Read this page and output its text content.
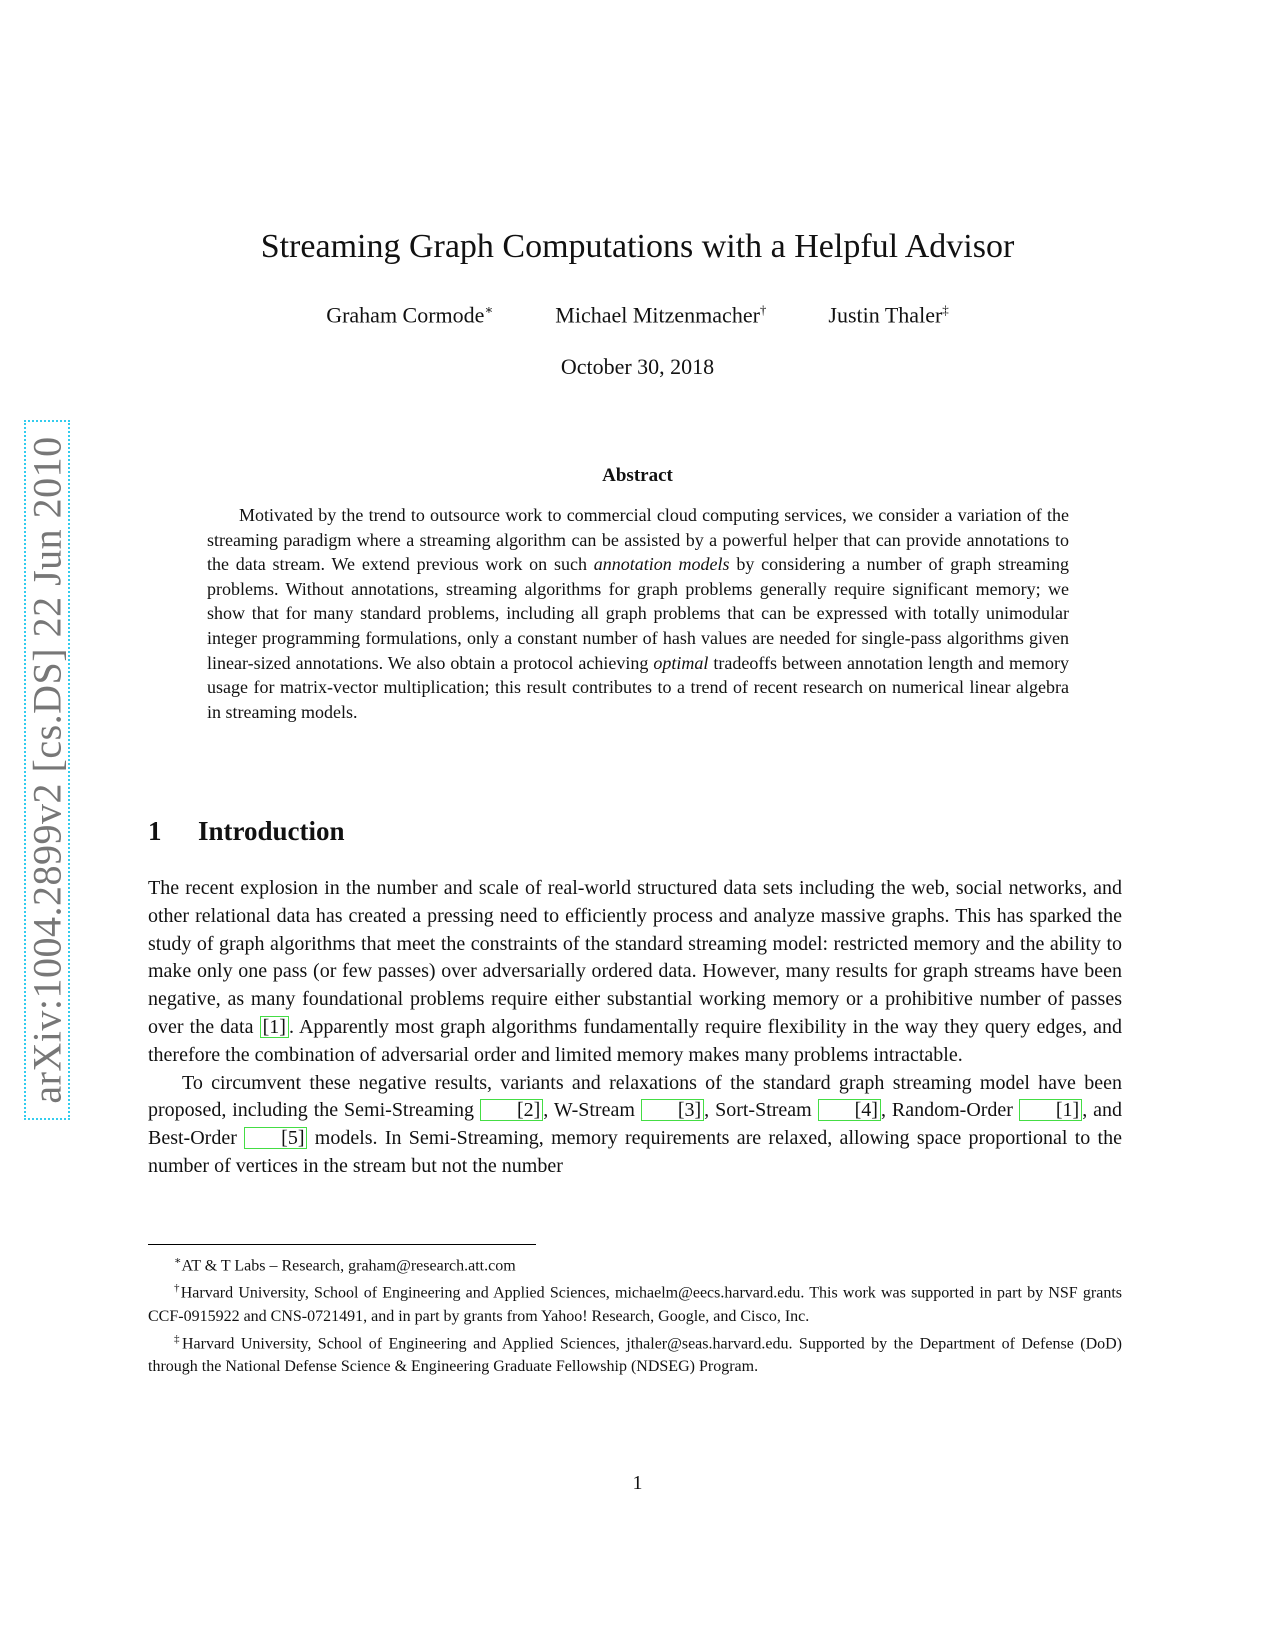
arXiv:1004.2899v2 [cs.DS] 22 Jun 2010
Streaming Graph Computations with a Helpful Advisor
Graham Cormode∗	Michael Mitzenmacher†	Justin Thaler‡
October 30, 2018
Abstract

Motivated by the trend to outsource work to commercial cloud computing services, we consider a variation of the streaming paradigm where a streaming algorithm can be assisted by a powerful helper that can provide annotations to the data stream. We extend previous work on such annotation models by considering a number of graph streaming problems. Without annotations, streaming algorithms for graph problems generally require significant memory; we show that for many standard problems, including all graph problems that can be expressed with totally unimodular integer programming formulations, only a constant number of hash values are needed for single-pass algorithms given linear-sized annotations. We also obtain a protocol achieving optimal tradeoffs between annotation length and memory usage for matrix-vector multiplication; this result contributes to a trend of recent research on numerical linear algebra in streaming models.

1 Introduction

The recent explosion in the number and scale of real-world structured data sets including the web, social networks, and other relational data has created a pressing need to efficiently process and analyze massive graphs. This has sparked the study of graph algorithms that meet the constraints of the standard streaming model: restricted memory and the ability to make only one pass (or few passes) over adversarially ordered data. However, many results for graph streams have been negative, as many foundational problems require either substantial working memory or a prohibitive number of passes over the data [1] . Apparently most graph algorithms fundamentally require flexibility in the way they query edges, and therefore the combination of adversarial order and limited memory makes many problems intractable.

To circumvent these negative results, variants and relaxations of the standard graph streaming model have been proposed, including the Semi-Streaming [2] , W-Stream [3] , Sort-Stream [4] , Random-Order [1] , and Best-Order [5] models. In Semi-Streaming, memory requirements are relaxed, allowing space proportional to the number of vertices in the stream but not the number

∗AT & T Labs – Research, graham@research.att.com

†Harvard University, School of Engineering and Applied Sciences, michaelm@eecs.harvard.edu. This work was supported in part by NSF grants CCF-0915922 and CNS-0721491, and in part by grants from Yahoo! Research, Google, and Cisco, Inc.

‡Harvard University, School of Engineering and Applied Sciences, jthaler@seas.harvard.edu. Supported by the Department of Defense (DoD) through the National Defense Science & Engineering Graduate Fellowship (NDSEG) Program.

1
